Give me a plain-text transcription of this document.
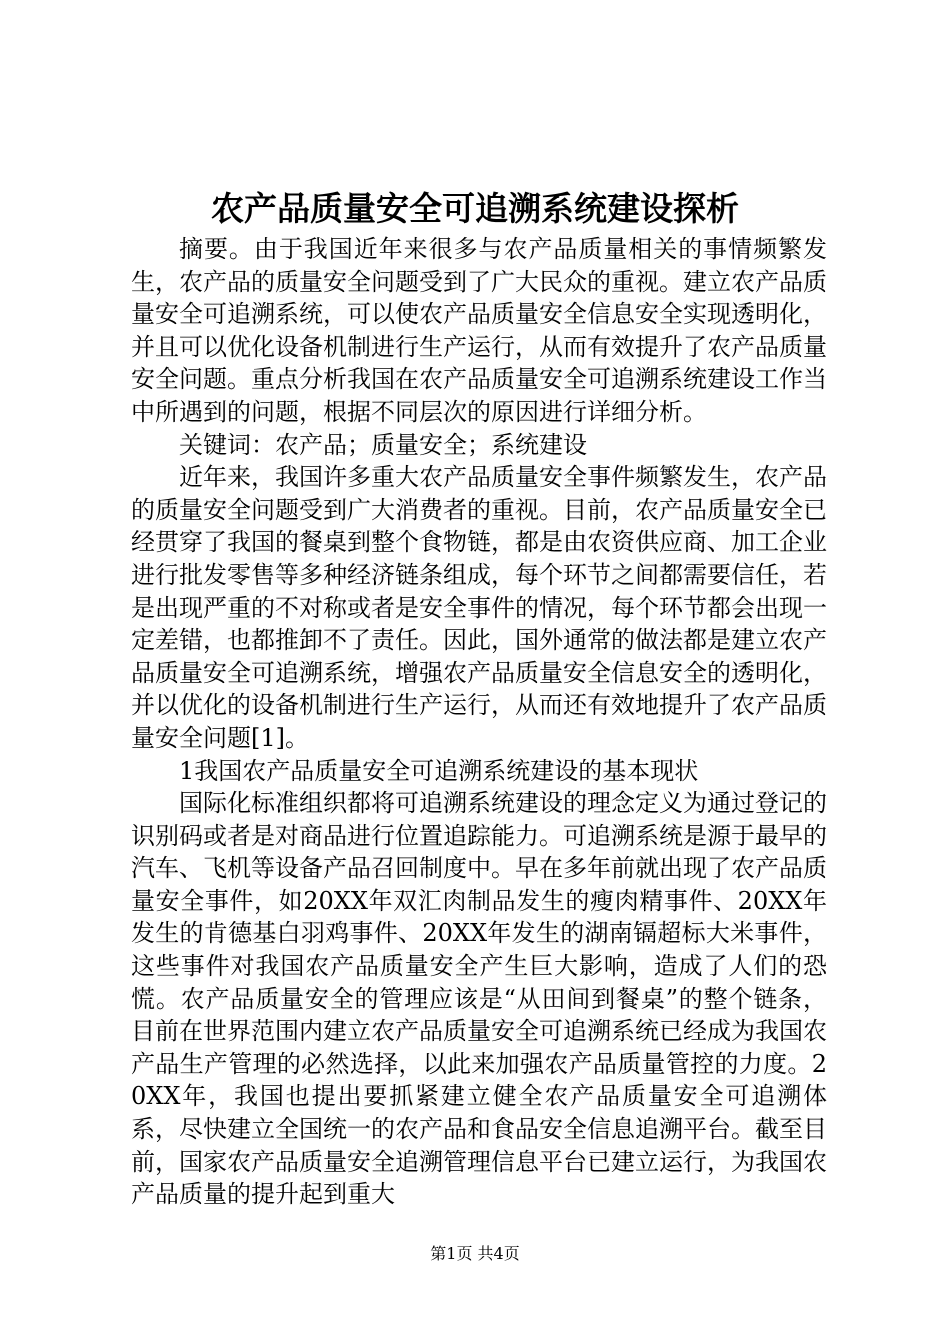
农产品质量安全可追溯系统建设探析

摘要。由于我国近年来很多与农产品质量相关的事情频繁发生，农产品的质量安全问题受到了广大民众的重视。建立农产品质量安全可追溯系统，可以使农产品质量安全信息安全实现透明化，并且可以优化设备机制进行生产运行，从而有效提升了农产品质量安全问题。重点分析我国在农产品质量安全可追溯系统建设工作当中所遇到的问题，根据不同层次的原因进行详细分析。

关键词：农产品；质量安全；系统建设

近年来，我国许多重大农产品质量安全事件频繁发生，农产品的质量安全问题受到广大消费者的重视。目前，农产品质量安全已经贯穿了我国的餐桌到整个食物链，都是由农资供应商、加工企业进行批发零售等多种经济链条组成，每个环节之间都需要信任，若是出现严重的不对称或者是安全事件的情况，每个环节都会出现一定差错，也都推卸不了责任。因此，国外通常的做法都是建立农产品质量安全可追溯系统，增强农产品质量安全信息安全的透明化，并以优化的设备机制进行生产运行，从而还有效地提升了农产品质量安全问题[1]。

1我国农产品质量安全可追溯系统建设的基本现状

国际化标准组织都将可追溯系统建设的理念定义为通过登记的识别码或者是对商品进行位置追踪能力。可追溯系统是源于最早的汽车、飞机等设备产品召回制度中。早在多年前就出现了农产品质量安全事件，如20XX年双汇肉制品发生的瘦肉精事件、20XX年发生的肯德基白羽鸡事件、20XX年发生的湖南镉超标大米事件，这些事件对我国农产品质量安全产生巨大影响，造成了人们的恐慌。农产品质量安全的管理应该是“从田间到餐桌”的整个链条，目前在世界范围内建立农产品质量安全可追溯系统已经成为我国农产品生产管理的必然选择，以此来加强农产品质量管控的力度。20XX年，我国也提出要抓紧建立健全农产品质量安全可追溯体系，尽快建立全国统一的农产品和食品安全信息追溯平台。截至目前，国家农产品质量安全追溯管理信息平台已建立运行，为我国农产品质量的提升起到重大

第1页 共4页
